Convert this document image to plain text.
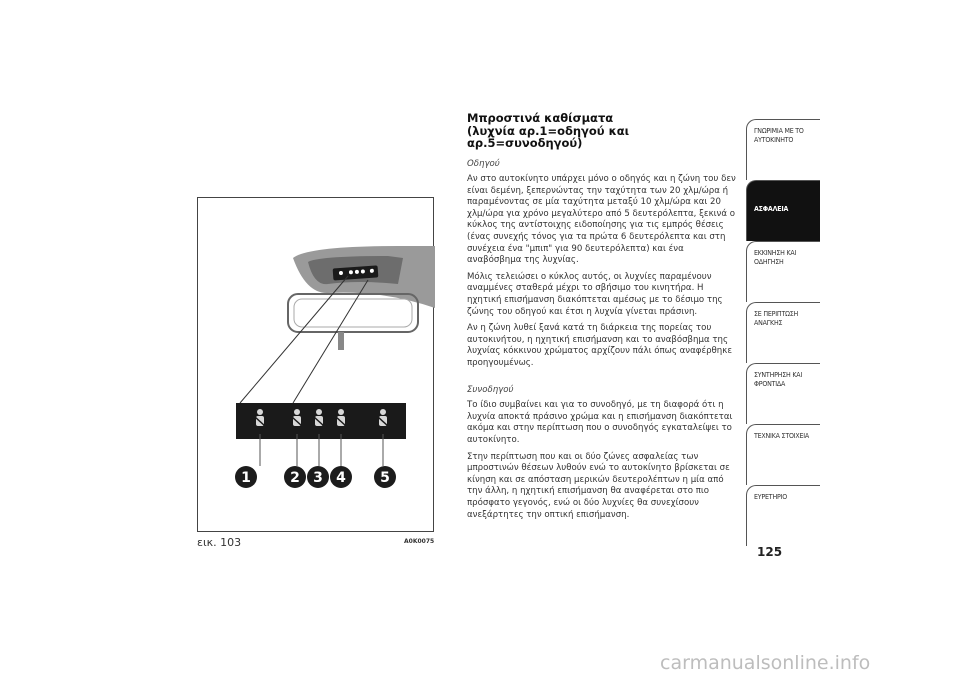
1	2 3 4 5
εικ. 103	A0K0075
Μπροστινά καθίσματα
(λυχνία αρ.1=οδηγού και αρ.5=συνοδηγού)
Οδηγού

Αν στο αυτοκίνητο υπάρχει μόνο ο οδηγός και η ζώνη του δεν είναι δεμένη, ξεπερνώντας την ταχύτητα των 20 χλμ/ώρα ή παραμένοντας σε μία ταχύτητα μεταξύ 10 χλμ/ώρα και 20 χλμ/ώρα για χρόνο μεγαλύτερο από 5 δευτερόλεπτα, ξεκινά ο κύκλος της αντίστοιχης ειδοποίησης για τις εμπρός θέσεις (ένας συνεχής τόνος για τα πρώτα 6 δευτερόλεπτα και στη συνέχεια ένα "μπιπ" για 90 δευτερόλεπτα) και ένα αναβόσβημα της λυχνίας.

Μόλις τελειώσει ο κύκλος αυτός, οι λυχνίες παραμένουν αναμμένες σταθερά μέχρι το σβήσιμο του κινητήρα. Η ηχητική επισήμανση διακόπτεται αμέσως με το δέσιμο της ζώνης του οδηγού και έτσι η λυχνία γίνεται πράσινη.

Αν η ζώνη λυθεί ξανά κατά τη διάρκεια της πορείας του αυτοκινήτου, η ηχητική επισήμανση και το αναβόσβημα της λυχνίας κόκκινου χρώματος αρχίζουν πάλι όπως αναφέρθηκε προηγουμένως.

Συνοδηγού

Το ίδιο συμβαίνει και για το συνοδηγό, με τη διαφορά ότι η λυχνία αποκτά πράσινο χρώμα και η επισήμανση διακόπτεται ακόμα και στην περίπτωση που ο συνοδηγός εγκαταλείψει το αυτοκίνητο.

Στην περίπτωση που και οι δύο ζώνες ασφαλείας των μπροστινών θέσεων λυθούν ενώ το αυτοκίνητο βρίσκεται σε κίνηση και σε απόσταση μερικών δευτερολέπτων η μία από την άλλη, η ηχητική επισήμανση θα αναφέρεται στο πιο πρόσφατο γεγονός, ενώ οι δύο λυχνίες θα συνεχίσουν ανεξάρτητες την οπτική επισήμανση.

ΓΝΩΡΙΜΙΑ ΜΕ ΤΟ ΑΥΤΟΚΙΝΗΤΟ
ΑΣΦΑΛΕΙΑ
ΕΚΚΙΝΗΣΗ ΚΑΙ ΟΔΗΓΗΣΗ
ΣΕ ΠΕΡΙΠΤΩΣΗ ΑΝΑΓΚΗΣ
ΣΥΝΤΗΡΗΣΗ ΚΑΙ ΦΡΟΝΤΙΔΑ
ΤΕΧΝΙΚΑ ΣΤΟΙΧΕΙΑ
ΕΥΡΕΤΗΡΙΟ
125
carmanualsonline.info
